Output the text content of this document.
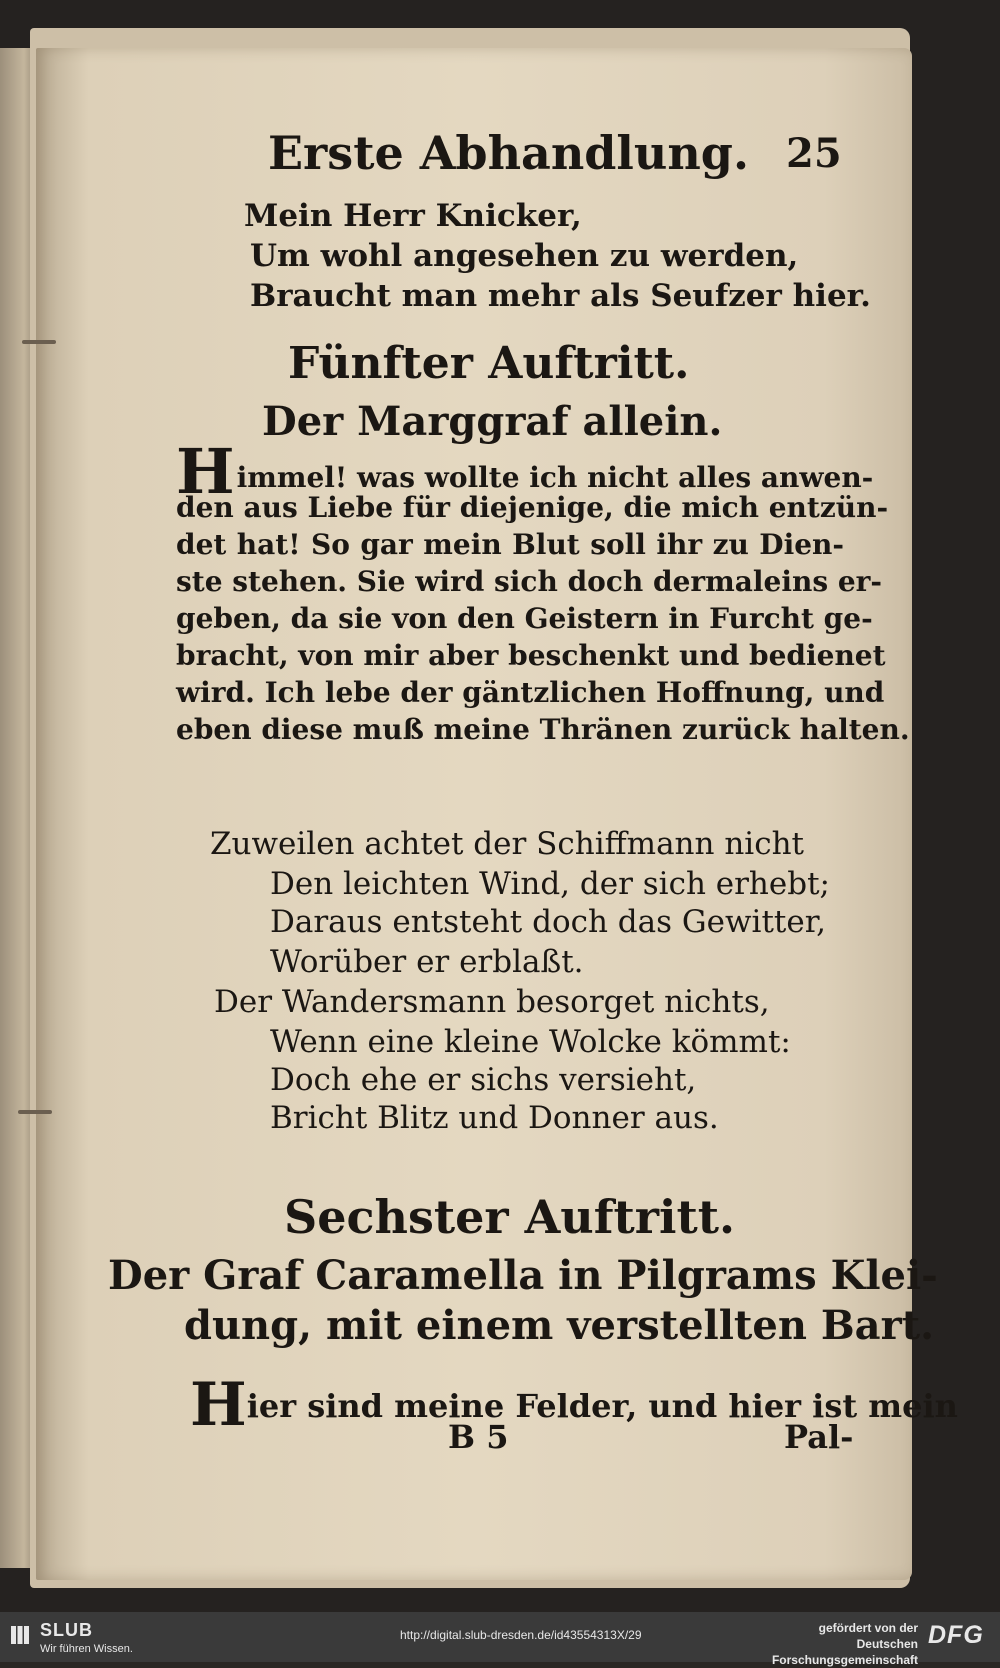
Erste Abhandlung. 25
Mein Herr Knicker,
Um wohl angesehen zu werden,
Braucht man mehr als Seufzer hier.
Fünfter Auftritt.
Der Marggraf allein.
Himmel! was wollte ich nicht alles anwen-
den aus Liebe für diejenige, die mich entzün-
det hat! So gar mein Blut soll ihr zu Dien-
ste stehen. Sie wird sich doch dermaleins er-
geben, da sie von den Geistern in Furcht ge-
bracht, von mir aber beschenkt und bedienet
wird. Ich lebe der gäntzlichen Hoffnung, und
eben diese muß meine Thränen zurück halten.
Zuweilen achtet der Schiffmann nicht
Den leichten Wind, der sich erhebt;
Daraus entsteht doch das Gewitter,
Worüber er erblaßt.
Der Wandersmann besorget nichts,
Wenn eine kleine Wolcke kömmt:
Doch ehe er sichs versieht,
Bricht Blitz und Donner aus.
Sechster Auftritt.
Der Graf Caramella in Pilgrams Klei-
dung, mit einem verstellten Bart.
Hier sind meine Felder, und hier ist mein
B 5	Pal-
SLUB
Wir führen Wissen.
http://digital.slub-dresden.de/id43554313X/29	gefördert von der
Deutschen Forschungsgemeinschaft
DFG
